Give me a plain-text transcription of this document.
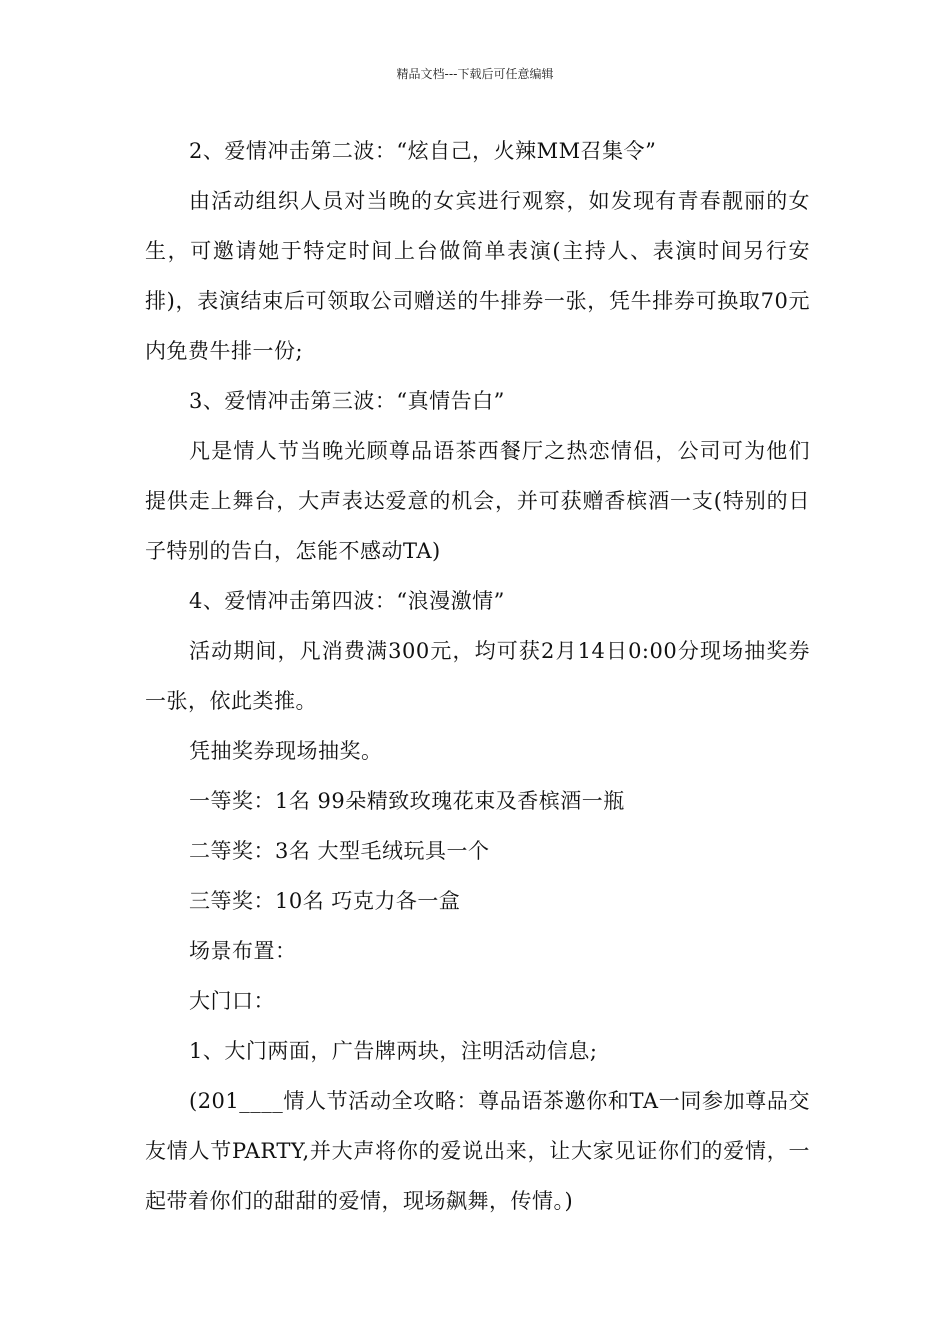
精品文档---下载后可任意编辑

2、爱情冲击第二波：“炫自己，火辣MM召集令”

由活动组织人员对当晚的女宾进行观察，如发现有青春靓丽的女生，可邀请她于特定时间上台做简单表演(主持人、表演时间另行安排)，表演结束后可领取公司赠送的牛排券一张，凭牛排券可换取70元内免费牛排一份;

3、爱情冲击第三波：“真情告白”

凡是情人节当晚光顾尊品语茶西餐厅之热恋情侣，公司可为他们提供走上舞台，大声表达爱意的机会，并可获赠香槟酒一支(特别的日子特别的告白，怎能不感动TA)

4、爱情冲击第四波：“浪漫激情”

活动期间，凡消费满300元，均可获2月14日0:00分现场抽奖券一张，依此类推。

凭抽奖券现场抽奖。

一等奖：1名 99朵精致玫瑰花束及香槟酒一瓶

二等奖：3名 大型毛绒玩具一个

三等奖：10名 巧克力各一盒

场景布置：

大门口：

1、大门两面，广告牌两块，注明活动信息;

(201____情人节活动全攻略：尊品语茶邀你和TA一同参加尊品交友情人节PARTY,并大声将你的爱说出来，让大家见证你们的爱情，一起带着你们的甜甜的爱情，现场飙舞，传情。)
